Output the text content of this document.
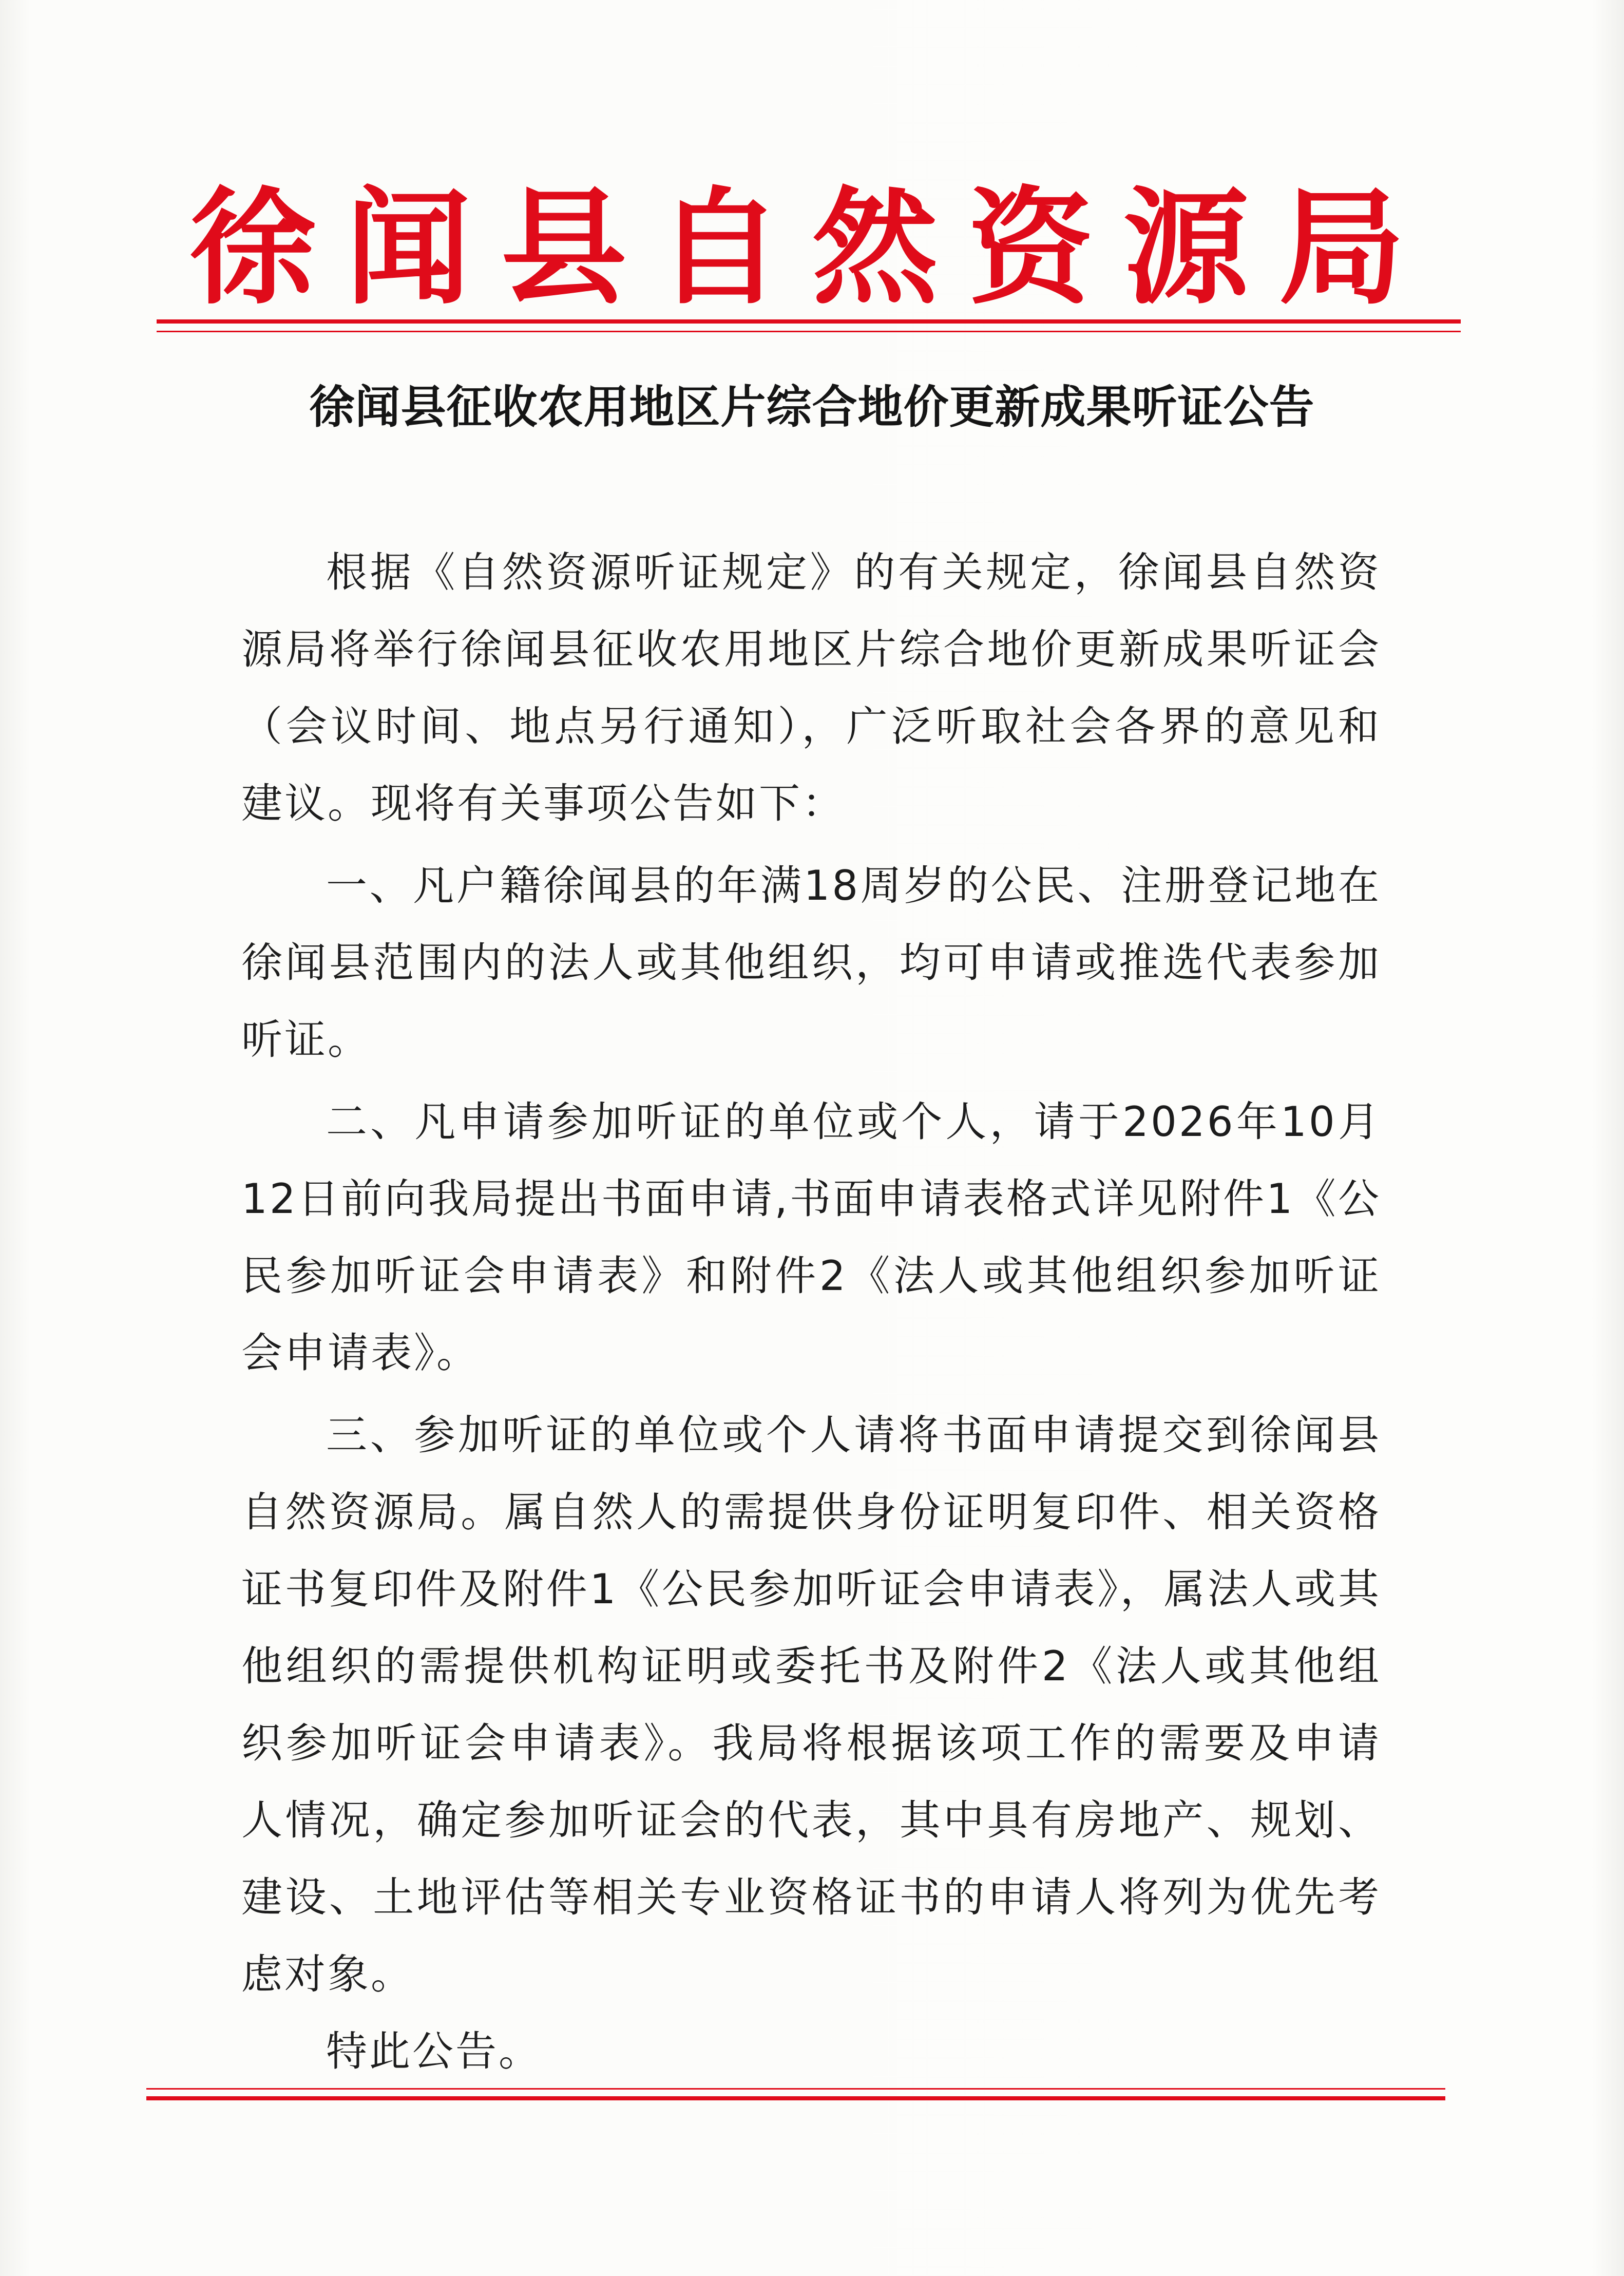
徐闻县自然资源局
徐闻县征收农用地区片综合地价更新成果听证公告

根据《自然资源听证规定》的有关规定，徐闻县自然资源局将举行徐闻县征收农用地区片综合地价更新成果听证会（会议时间、地点另行通知），广泛听取社会各界的意见和建议。现将有关事项公告如下：

一、凡户籍徐闻县的年满18周岁的公民、注册登记地在徐闻县范围内的法人或其他组织，均可申请或推选代表参加听证。

二、凡申请参加听证的单位或个人，请于2026年10月12日前向我局提出书面申请,书面申请表格式详见附件1《公民参加听证会申请表》和附件2《法人或其他组织参加听证会申请表》。

三、参加听证的单位或个人请将书面申请提交到徐闻县自然资源局。属自然人的需提供身份证明复印件、相关资格证书复印件及附件1《公民参加听证会申请表》，属法人或其他组织的需提供机构证明或委托书及附件2《法人或其他组织参加听证会申请表》。我局将根据该项工作的需要及申请人情况，确定参加听证会的代表，其中具有房地产、规划、建设、土地评估等相关专业资格证书的申请人将列为优先考虑对象。

特此公告。
